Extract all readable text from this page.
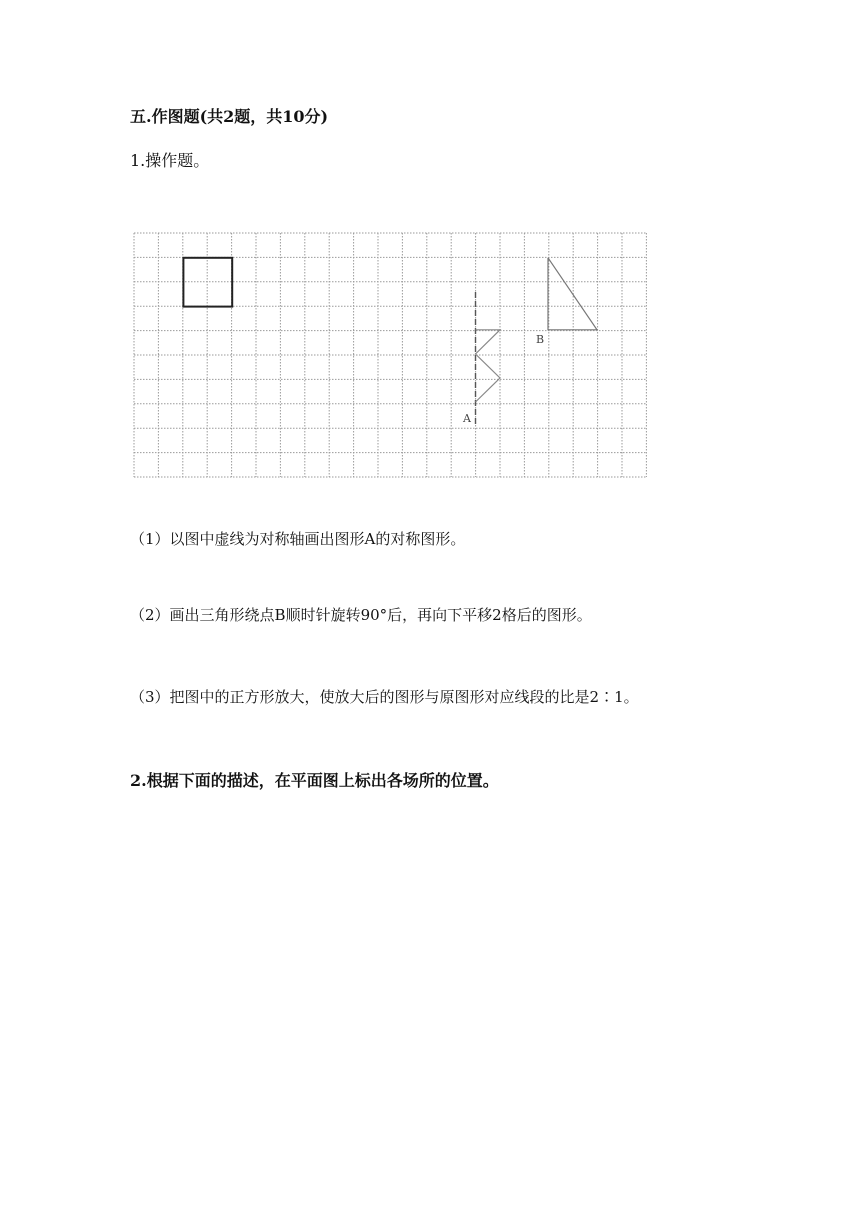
五.作图题(共2题，共10分)
1.操作题。
A
B
（1）以图中虚线为对称轴画出图形A的对称图形。
（2）画出三角形绕点B顺时针旋转90°后，再向下平移2格后的图形。
（3）把图中的正方形放大，使放大后的图形与原图形对应线段的比是2∶1。
2.根据下面的描述，在平面图上标出各场所的位置。
